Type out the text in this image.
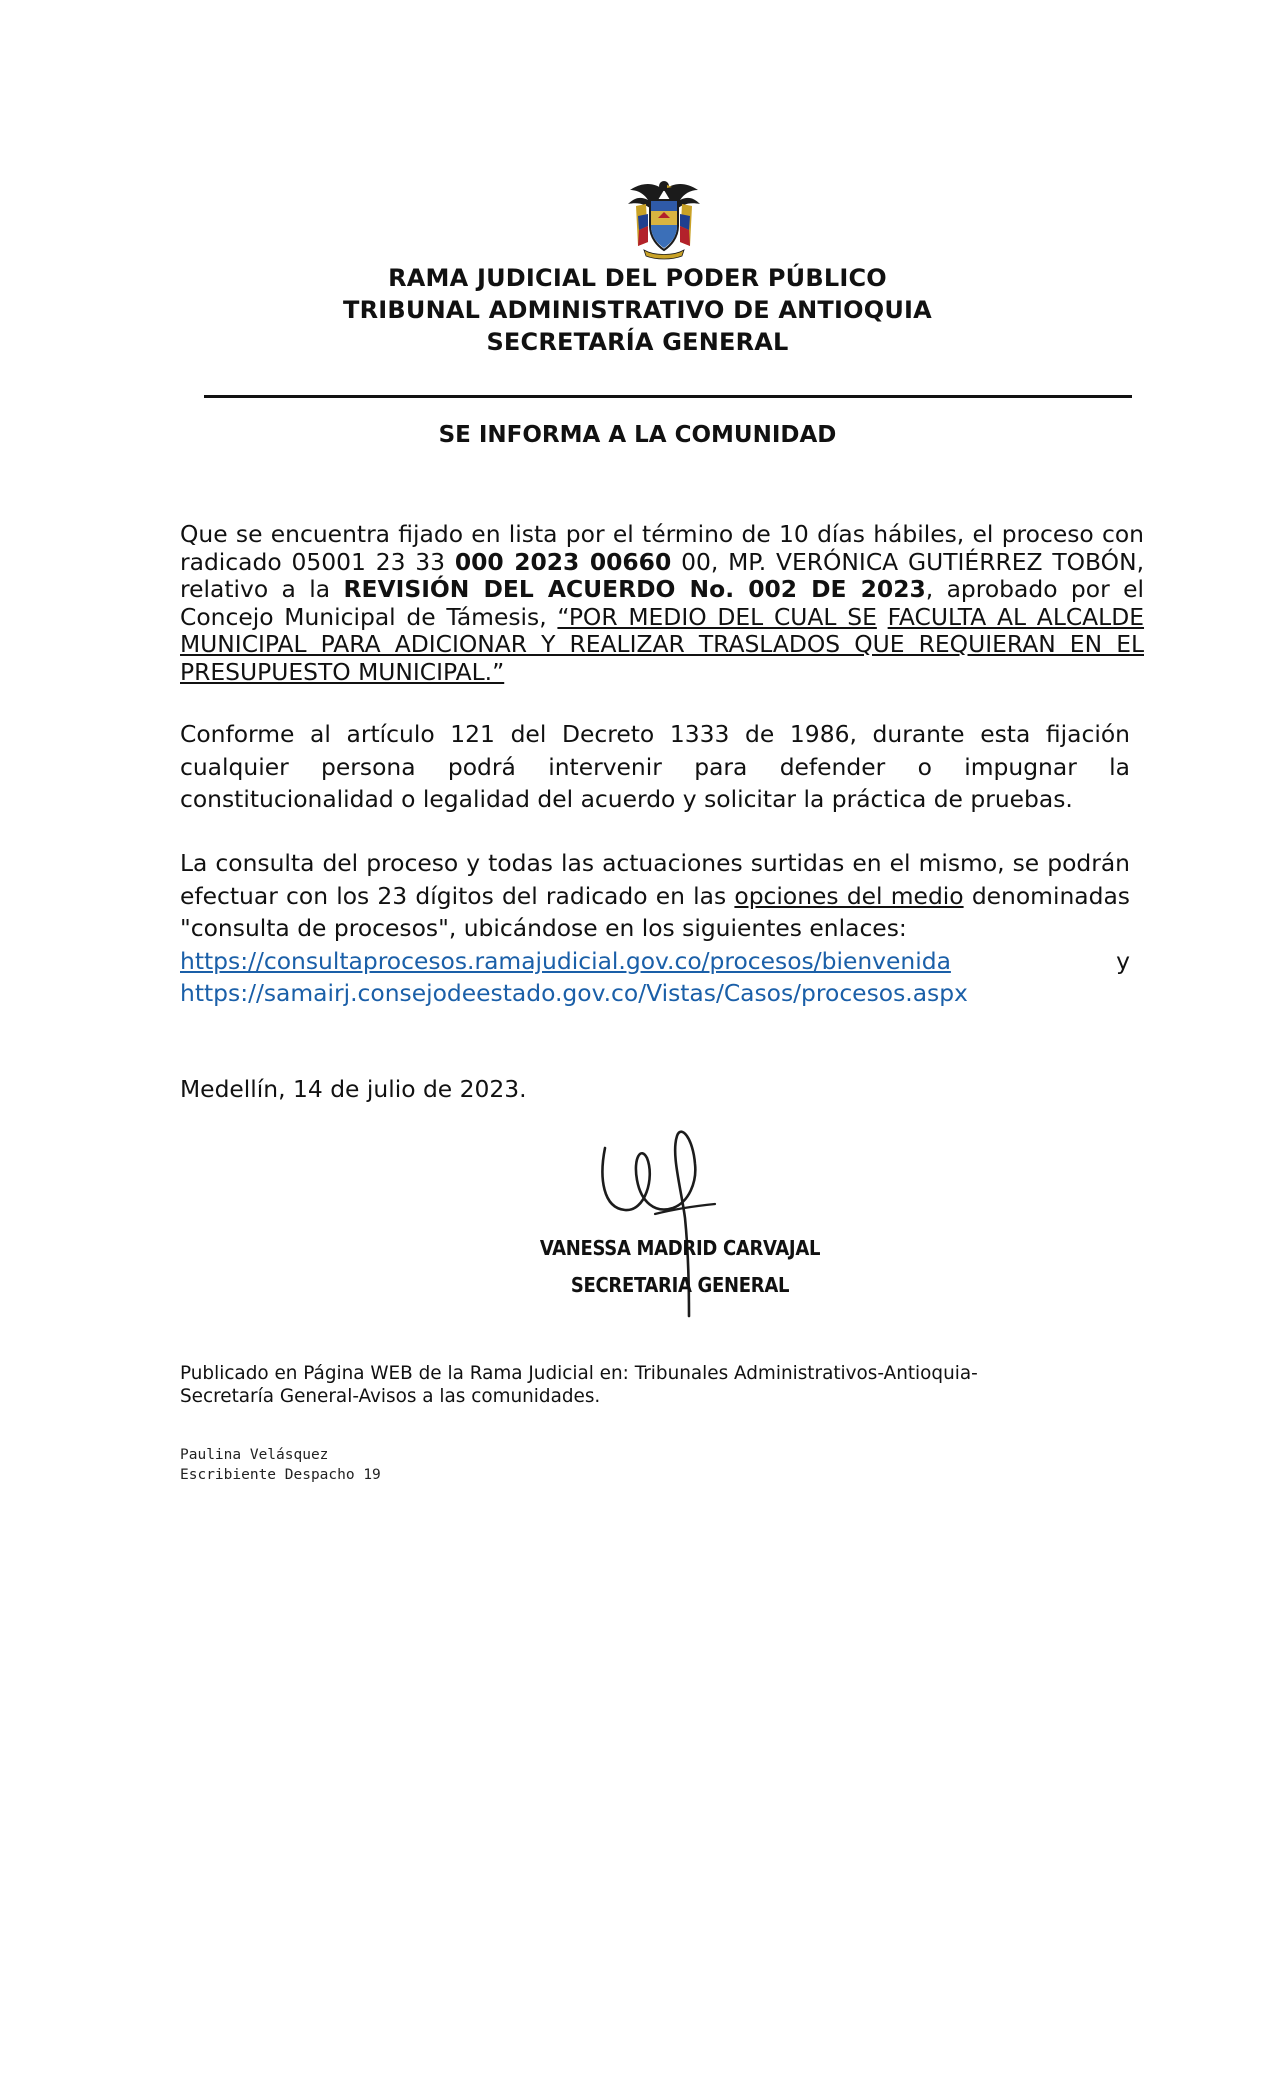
RAMA JUDICIAL DEL PODER PÚBLICO
TRIBUNAL ADMINISTRATIVO DE ANTIOQUIA
SECRETARÍA GENERAL
SE INFORMA A LA COMUNIDAD
Que se encuentra fijado en lista por el término de 10 días hábiles, el proceso con radicado 05001 23 33 000 2023 00660 00, MP. VERÓNICA GUTIÉRREZ TOBÓN, relativo a la REVISIÓN DEL ACUERDO No. 002 DE 2023, aprobado por el Concejo Municipal de Támesis, “POR MEDIO DEL CUAL SE FACULTA AL ALCALDE MUNICIPAL PARA ADICIONAR Y REALIZAR TRASLADOS QUE REQUIERAN EN EL PRESUPUESTO MUNICIPAL.”
Conforme al artículo 121 del Decreto 1333 de 1986, durante esta fijación cualquier persona podrá intervenir para defender o impugnar la constitucionalidad o legalidad del acuerdo y solicitar la práctica de pruebas.
La consulta del proceso y todas las actuaciones surtidas en el mismo, se podrán efectuar con los 23 dígitos del radicado en las opciones del medio denominadas "consulta de procesos", ubicándose en los siguientes enlaces:
https://consultaprocesos.ramajudicial.gov.co/procesos/bienvenida	y
https://samairj.consejodeestado.gov.co/Vistas/Casos/procesos.aspx
Medellín, 14 de julio de 2023.
VANESSA MADRID CARVAJAL
SECRETARIA GENERAL
Publicado en Página WEB de la Rama Judicial en: Tribunales Administrativos-Antioquia-Secretaría General-Avisos a las comunidades.
Paulina Velásquez
Escribiente Despacho 19
